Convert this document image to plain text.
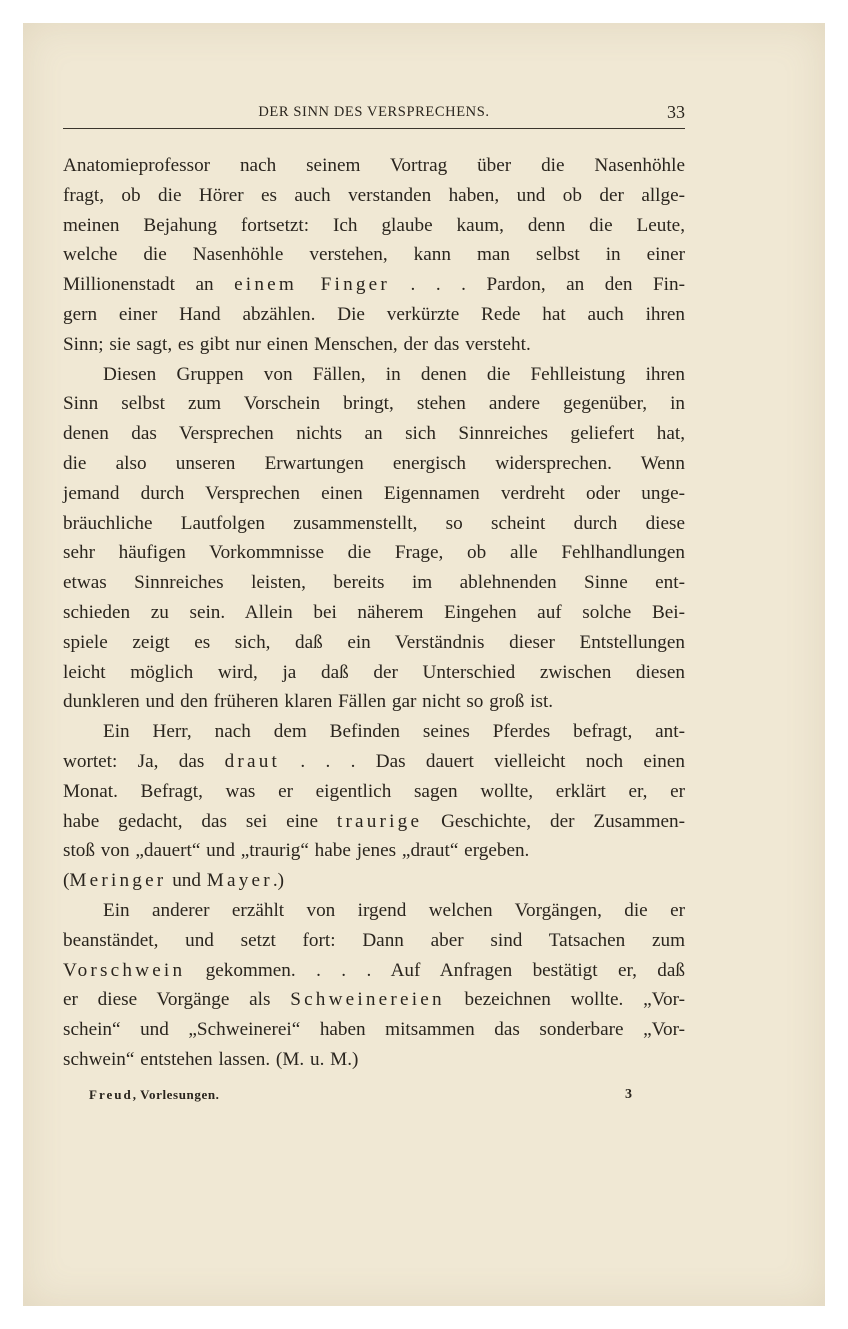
DER SINN DES VERSPRECHENS.	33
Anatomieprofessor nach seinem Vortrag über die Nasenhöhle
fragt, ob die Hörer es auch verstanden haben, und ob der allge-
meinen Bejahung fortsetzt: Ich glaube kaum, denn die Leute,
welche die Nasenhöhle verstehen, kann man selbst in einer
Millionenstadt an einem Finger . . . Pardon, an den Fin-
gern einer Hand abzählen. Die verkürzte Rede hat auch ihren
Sinn; sie sagt, es gibt nur einen Menschen, der das versteht.
Diesen Gruppen von Fällen, in denen die Fehlleistung ihren
Sinn selbst zum Vorschein bringt, stehen andere gegenüber, in
denen das Versprechen nichts an sich Sinnreiches geliefert hat,
die also unseren Erwartungen energisch widersprechen. Wenn
jemand durch Versprechen einen Eigennamen verdreht oder unge-
bräuchliche Lautfolgen zusammenstellt, so scheint durch diese
sehr häufigen Vorkommnisse die Frage, ob alle Fehlhandlungen
etwas Sinnreiches leisten, bereits im ablehnenden Sinne ent-
schieden zu sein. Allein bei näherem Eingehen auf solche Bei-
spiele zeigt es sich, daß ein Verständnis dieser Entstellungen
leicht möglich wird, ja daß der Unterschied zwischen diesen
dunkleren und den früheren klaren Fällen gar nicht so groß ist.
Ein Herr, nach dem Befinden seines Pferdes befragt, ant-
wortet: Ja, das draut . . . Das dauert vielleicht noch einen
Monat. Befragt, was er eigentlich sagen wollte, erklärt er, er
habe gedacht, das sei eine traurige Geschichte, der Zusammen-
stoß von „dauert“ und „traurig“ habe jenes „draut“ ergeben.
(Meringer und Mayer.)
Ein anderer erzählt von irgend welchen Vorgängen, die er
beanständet, und setzt fort: Dann aber sind Tatsachen zum
Vorschwein gekommen. . . . Auf Anfragen bestätigt er, daß
er diese Vorgänge als Schweinereien bezeichnen wollte. „Vor-
schein“ und „Schweinerei“ haben mitsammen das sonderbare „Vor-
schwein“ entstehen lassen. (M. u. M.)
Freud, Vorlesungen.	3
